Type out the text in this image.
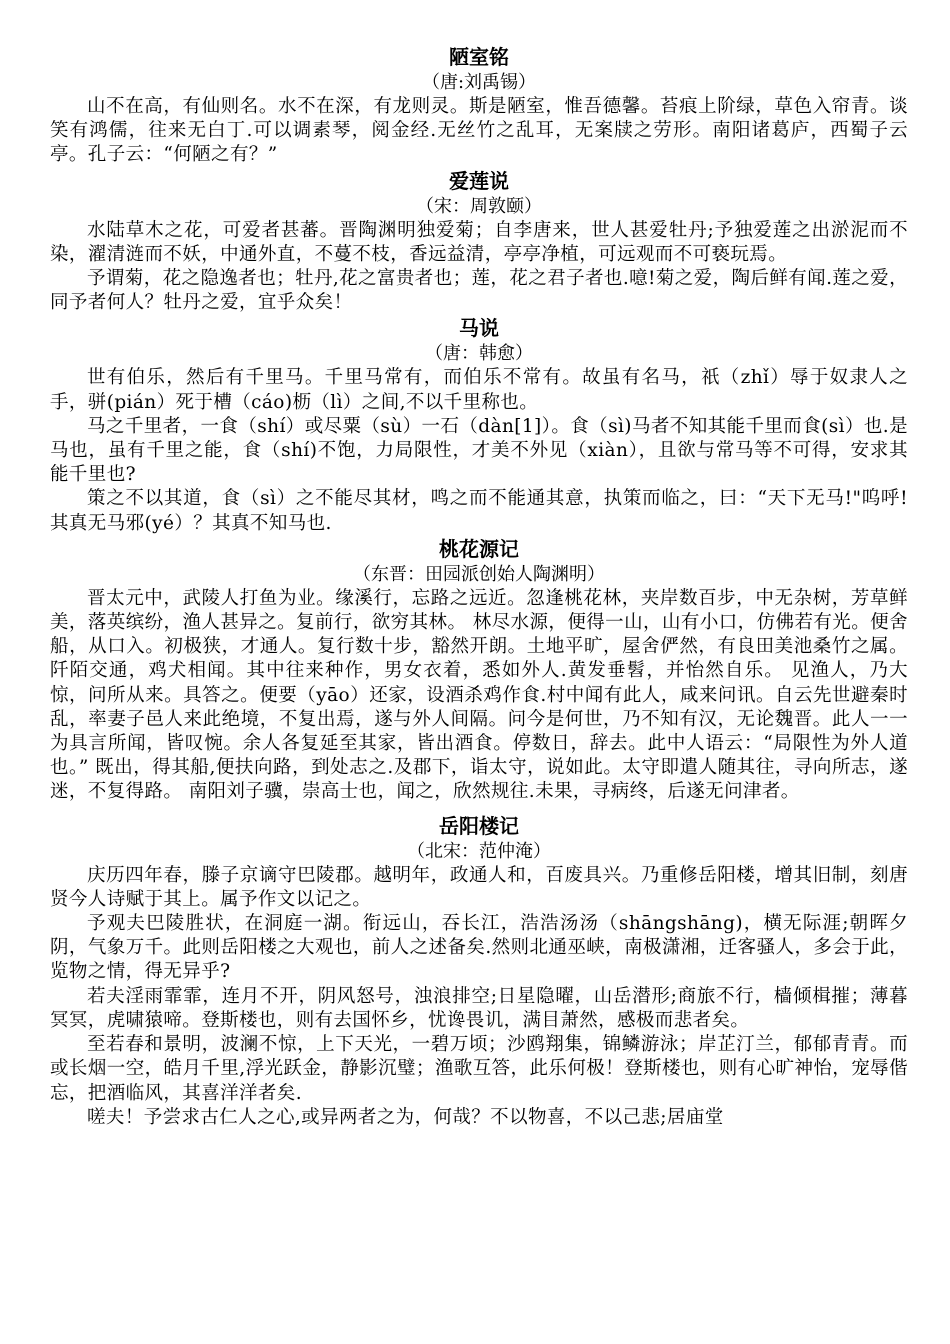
陋室铭

（唐:刘禹锡）

山不在高，有仙则名。水不在深，有龙则灵。斯是陋室，惟吾德馨。苔痕上阶绿，草色入帘青。谈笑有鸿儒，往来无白丁.可以调素琴，阅金经.无丝竹之乱耳，无案牍之劳形。南阳诸葛庐，西蜀子云亭。孔子云：“何陋之有？”

爱莲说

（宋：周敦颐）

水陆草木之花，可爱者甚蕃。晋陶渊明独爱菊；自李唐来，世人甚爱牡丹;予独爱莲之出淤泥而不染，濯清涟而不妖，中通外直，不蔓不枝，香远益清，亭亭净植，可远观而不可亵玩焉。

予谓菊，花之隐逸者也；牡丹,花之富贵者也；莲，花之君子者也.噫!菊之爱，陶后鲜有闻.莲之爱，同予者何人？牡丹之爱，宜乎众矣！

马说

（唐：韩愈）

世有伯乐，然后有千里马。千里马常有，而伯乐不常有。故虽有名马，祇（zhǐ）辱于奴隶人之手，骈(pián）死于槽（cáo)枥（lì）之间,不以千里称也。

马之千里者，一食（shí）或尽粟（sù）一石（dàn[1]）。食（sì)马者不知其能千里而食(sì）也.是马也，虽有千里之能，食（shí)不饱，力局限性，才美不外见（xiàn），且欲与常马等不可得，安求其能千里也?

策之不以其道，食（sì）之不能尽其材，鸣之而不能通其意，执策而临之，曰：“天下无马!"呜呼!其真无马邪(yé）？其真不知马也.

桃花源记

（东晋：田园派创始人陶渊明）

晋太元中，武陵人打鱼为业。缘溪行，忘路之远近。忽逢桃花林，夹岸数百步，中无杂树，芳草鲜美，落英缤纷，渔人甚异之。复前行，欲穷其林。 林尽水源，便得一山，山有小口，仿佛若有光。便舍船，从口入。初极狭，才通人。复行数十步，豁然开朗。土地平旷，屋舍俨然，有良田美池桑竹之属。阡陌交通，鸡犬相闻。其中往来种作，男女衣着，悉如外人.黄发垂髫，并怡然自乐。 见渔人，乃大惊，问所从来。具答之。便要（yāo）还家，设酒杀鸡作食.村中闻有此人，咸来问讯。自云先世避秦时乱，率妻子邑人来此绝境，不复出焉，遂与外人间隔。问今是何世，乃不知有汉，无论魏晋。此人一一为具言所闻，皆叹惋。余人各复延至其家，皆出酒食。停数日，辞去。此中人语云：“局限性为外人道也。” 既出，得其船,便扶向路，到处志之.及郡下，诣太守，说如此。太守即遣人随其往，寻向所志，遂迷，不复得路。 南阳刘子骥，崇高士也，闻之，欣然规往.未果，寻病终，后遂无问津者。

岳阳楼记

（北宋：范仲淹）

庆历四年春，滕子京谪守巴陵郡。越明年，政通人和，百废具兴。乃重修岳阳楼，增其旧制，刻唐贤今人诗赋于其上。属予作文以记之。

予观夫巴陵胜状，在洞庭一湖。衔远山，吞长江，浩浩汤汤（shāngshāng)，横无际涯;朝晖夕阴，气象万千。此则岳阳楼之大观也，前人之述备矣.然则北通巫峡，南极潇湘，迁客骚人，多会于此，览物之情，得无异乎?

若夫淫雨霏霏，连月不开，阴风怒号，浊浪排空;日星隐曜，山岳潜形;商旅不行，樯倾楫摧；薄暮冥冥，虎啸猿啼。登斯楼也，则有去国怀乡，忧谗畏讥，满目萧然，感极而悲者矣。

至若春和景明，波澜不惊，上下天光，一碧万顷；沙鸥翔集，锦鳞游泳；岸芷汀兰，郁郁青青。而或长烟一空，皓月千里,浮光跃金，静影沉璧；渔歌互答，此乐何极！登斯楼也，则有心旷神怡，宠辱偕忘，把酒临风，其喜洋洋者矣.

嗟夫！予尝求古仁人之心,或异两者之为，何哉？不以物喜，不以己悲;居庙堂
